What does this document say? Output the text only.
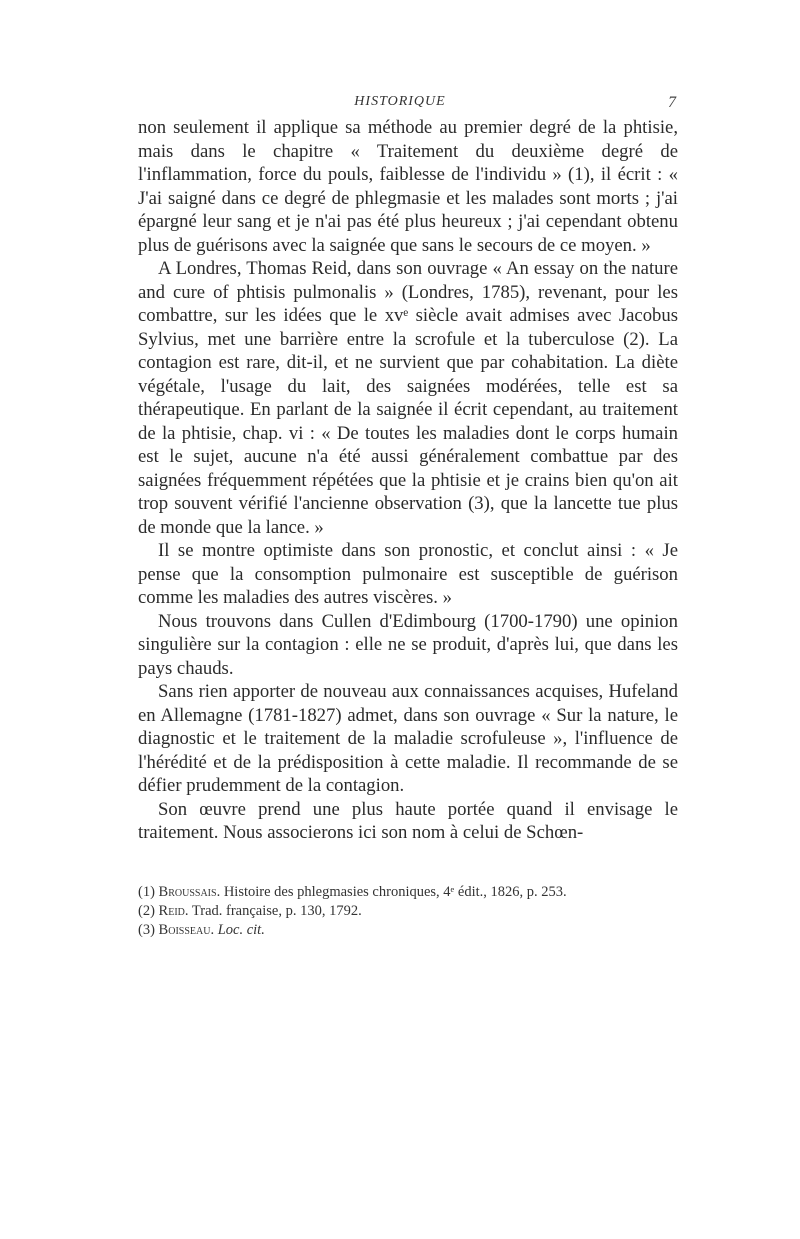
HISTORIQUE	7

non seulement il applique sa méthode au premier degré de la phtisie, mais dans le chapitre « Traitement du deuxième degré de l'inflammation, force du pouls, faiblesse de l'individu » (1), il écrit : « J'ai saigné dans ce degré de phlegmasie et les malades sont morts ; j'ai épargné leur sang et je n'ai pas été plus heureux ; j'ai cependant obtenu plus de guérisons avec la saignée que sans le secours de ce moyen. »

A Londres, Thomas Reid, dans son ouvrage « An essay on the nature and cure of phtisis pulmonalis » (Londres, 1785), revenant, pour les combattre, sur les idées que le xvᵉ siècle avait admises avec Jacobus Sylvius, met une barrière entre la scrofule et la tuberculose (2). La contagion est rare, dit-il, et ne survient que par cohabitation. La diète végétale, l'usage du lait, des saignées modérées, telle est sa thérapeutique. En parlant de la saignée il écrit cependant, au traitement de la phtisie, chap. vi : « De toutes les maladies dont le corps humain est le sujet, aucune n'a été aussi généralement combattue par des saignées fréquemment répétées que la phtisie et je crains bien qu'on ait trop souvent vérifié l'ancienne observation (3), que la lancette tue plus de monde que la lance. »

Il se montre optimiste dans son pronostic, et conclut ainsi : « Je pense que la consomption pulmonaire est susceptible de guérison comme les maladies des autres viscères. »

Nous trouvons dans Cullen d'Edimbourg (1700-1790) une opinion singulière sur la contagion : elle ne se produit, d'après lui, que dans les pays chauds.

Sans rien apporter de nouveau aux connaissances acquises, Hufeland en Allemagne (1781-1827) admet, dans son ouvrage « Sur la nature, le diagnostic et le traitement de la maladie scrofuleuse », l'influence de l'hérédité et de la prédisposition à cette maladie. Il recommande de se défier prudemment de la contagion.

Son œuvre prend une plus haute portée quand il envisage le traitement. Nous associerons ici son nom à celui de Schœn-

(1) Broussais. Histoire des phlegmasies chroniques, 4ᵉ édit., 1826, p. 253.
(2) Reid. Trad. française, p. 130, 1792.
(3) Boisseau. Loc. cit.
